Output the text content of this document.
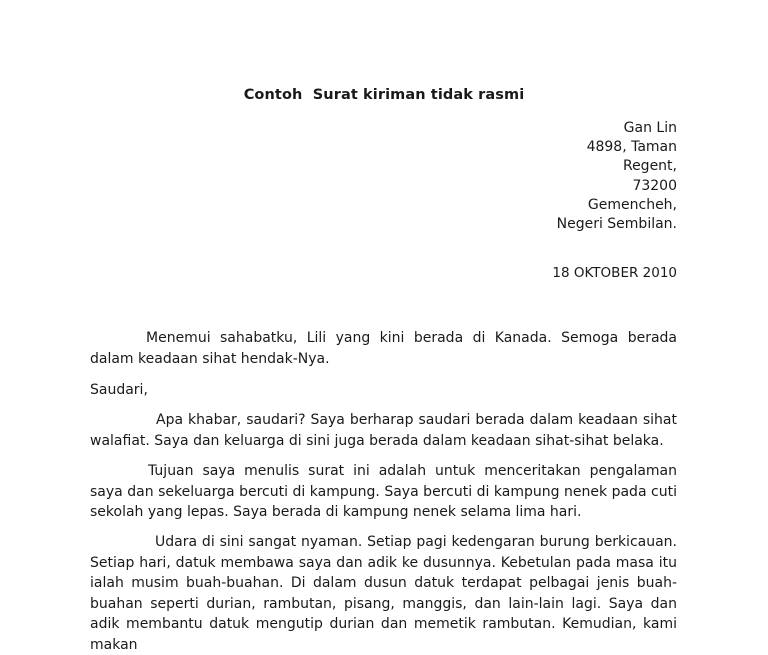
Contoh  Surat kiriman tidak rasmi
Gan Lin
4898, Taman
Regent,
73200
Gemencheh,
Negeri Sembilan.
18 OKTOBER 2010
Menemui sahabatku, Lili yang kini berada di Kanada. Semoga berada dalam keadaan sihat hendak-Nya.
Saudari,
Apa khabar, saudari? Saya berharap saudari berada dalam keadaan sihat walafiat. Saya dan keluarga di sini juga berada dalam keadaan sihat-sihat belaka.
Tujuan saya menulis surat ini adalah untuk menceritakan pengalaman saya dan sekeluarga bercuti di kampung. Saya bercuti di kampung nenek pada cuti sekolah yang lepas. Saya berada di kampung nenek selama lima hari.
Udara di sini sangat nyaman. Setiap pagi kedengaran burung berkicauan. Setiap hari, datuk membawa saya dan adik ke dusunnya. Kebetulan pada masa itu ialah musim buah-buahan. Di dalam dusun datuk terdapat pelbagai jenis buah-buahan seperti durian, rambutan, pisang, manggis, dan lain-lain lagi. Saya dan adik membantu datuk mengutip durian dan memetik rambutan. Kemudian, kami makan
